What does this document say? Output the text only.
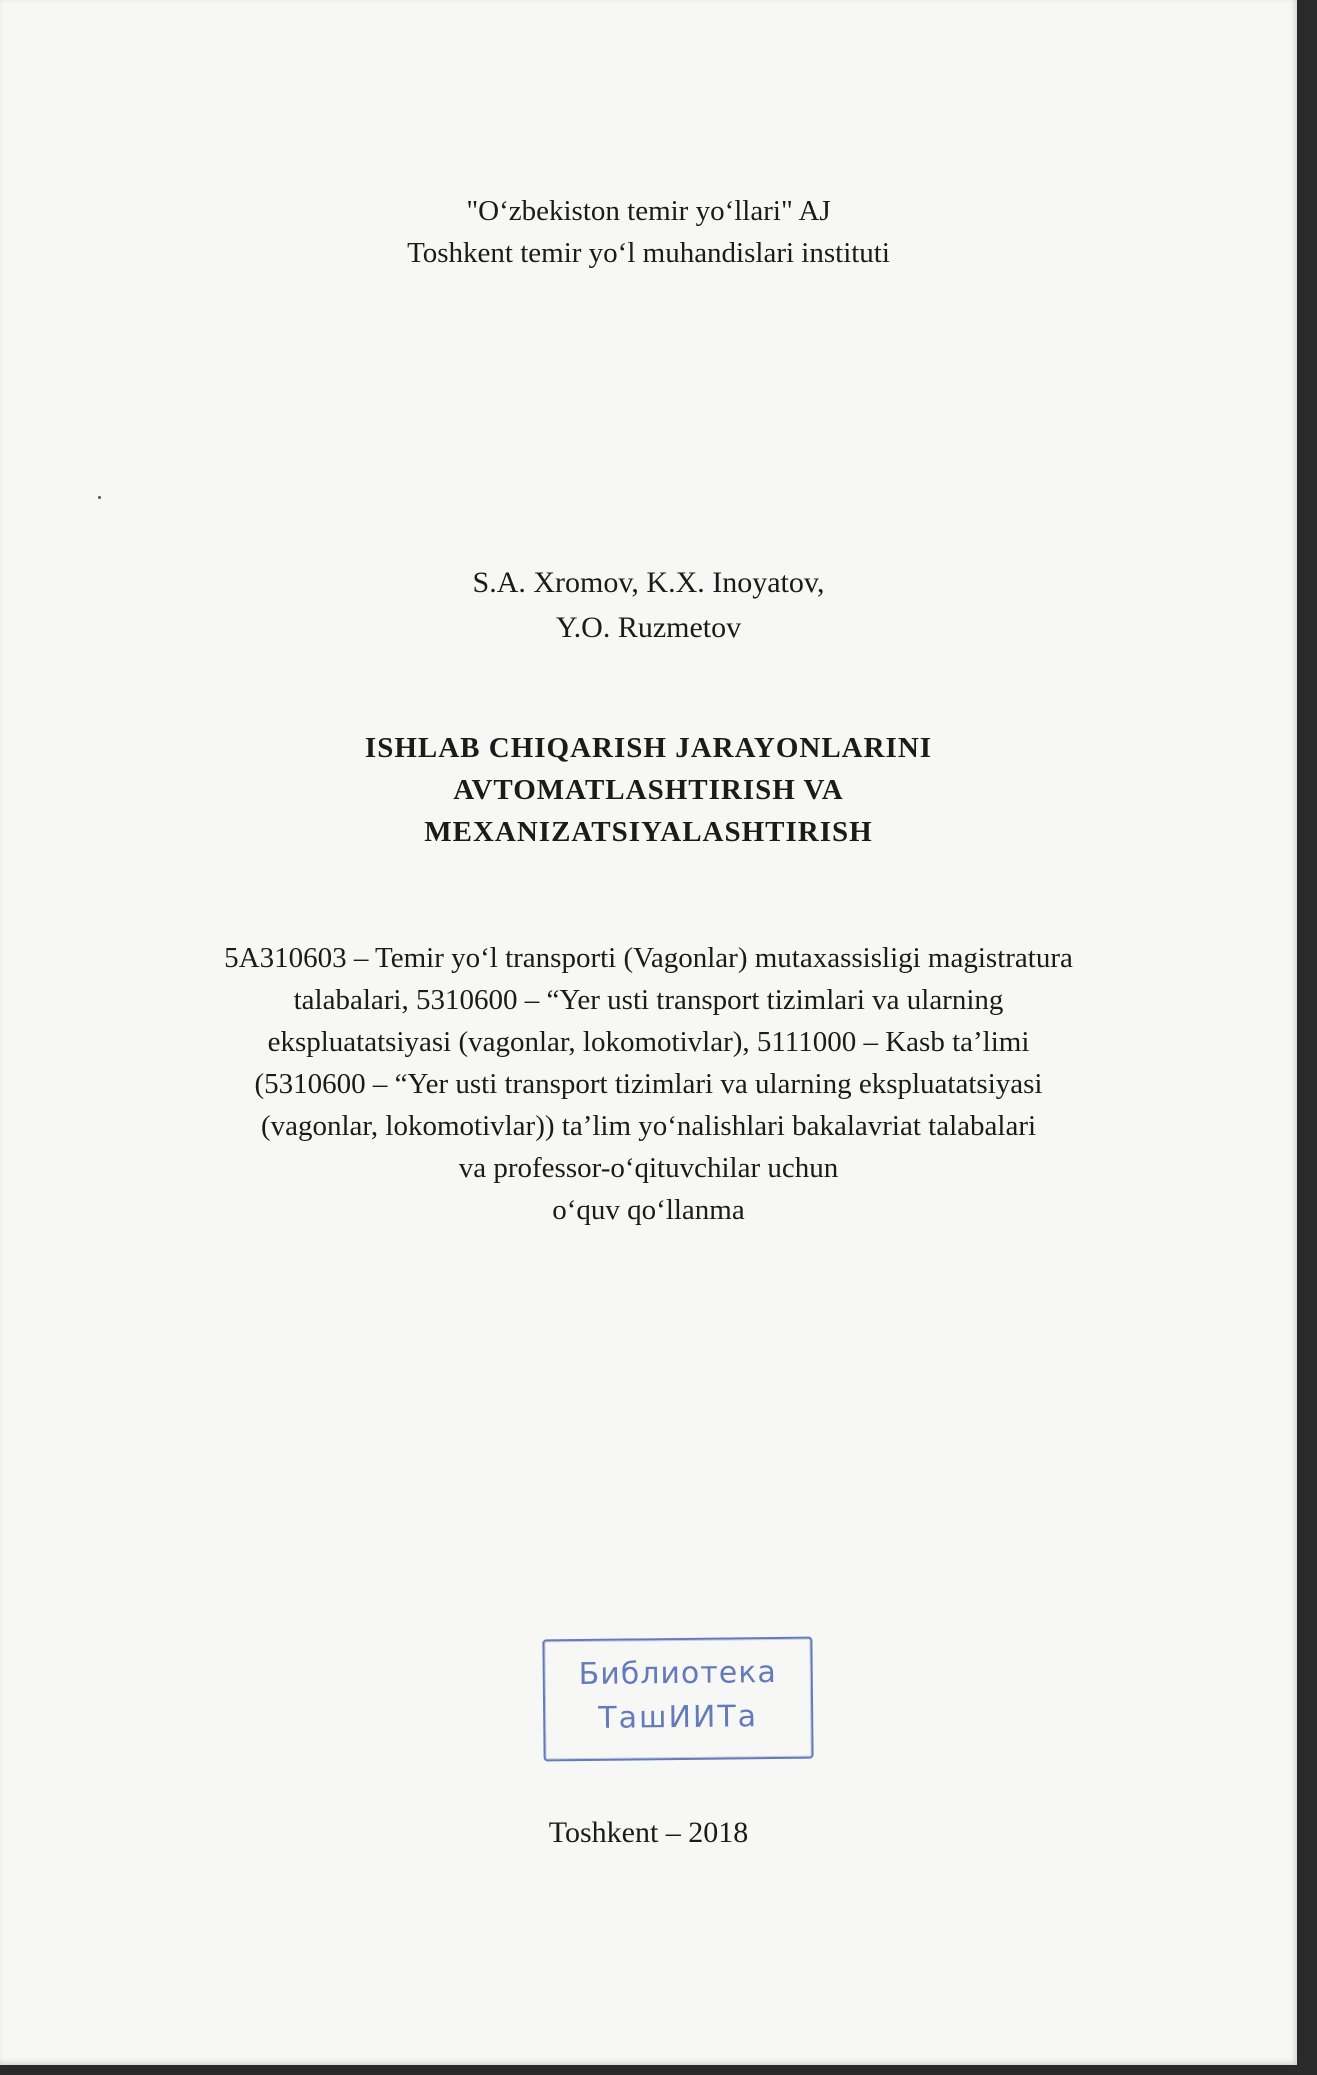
"O‘zbekiston temir yo‘llari" AJ
Toshkent temir yo‘l muhandislari instituti
S.A. Xromov, K.X. Inoyatov,
Y.O. Ruzmetov
ISHLAB CHIQARISH JARAYONLARINI
AVTOMATLASHTIRISH VA
MEXANIZATSIYALASHTIRISH
5A310603 – Temir yo‘l transporti (Vagonlar) mutaxassisligi magistratura
talabalari, 5310600 – “Yer usti transport tizimlari va ularning
ekspluatatsiyasi (vagonlar, lokomotivlar), 5111000 – Kasb ta’limi
(5310600 – “Yer usti transport tizimlari va ularning ekspluatatsiyasi
(vagonlar, lokomotivlar)) ta’lim yo‘nalishlari bakalavriat talabalari
va professor-o‘qituvchilar uchun
o‘quv qo‘llanma
Библиотека
ТашИИТа
Toshkent – 2018
